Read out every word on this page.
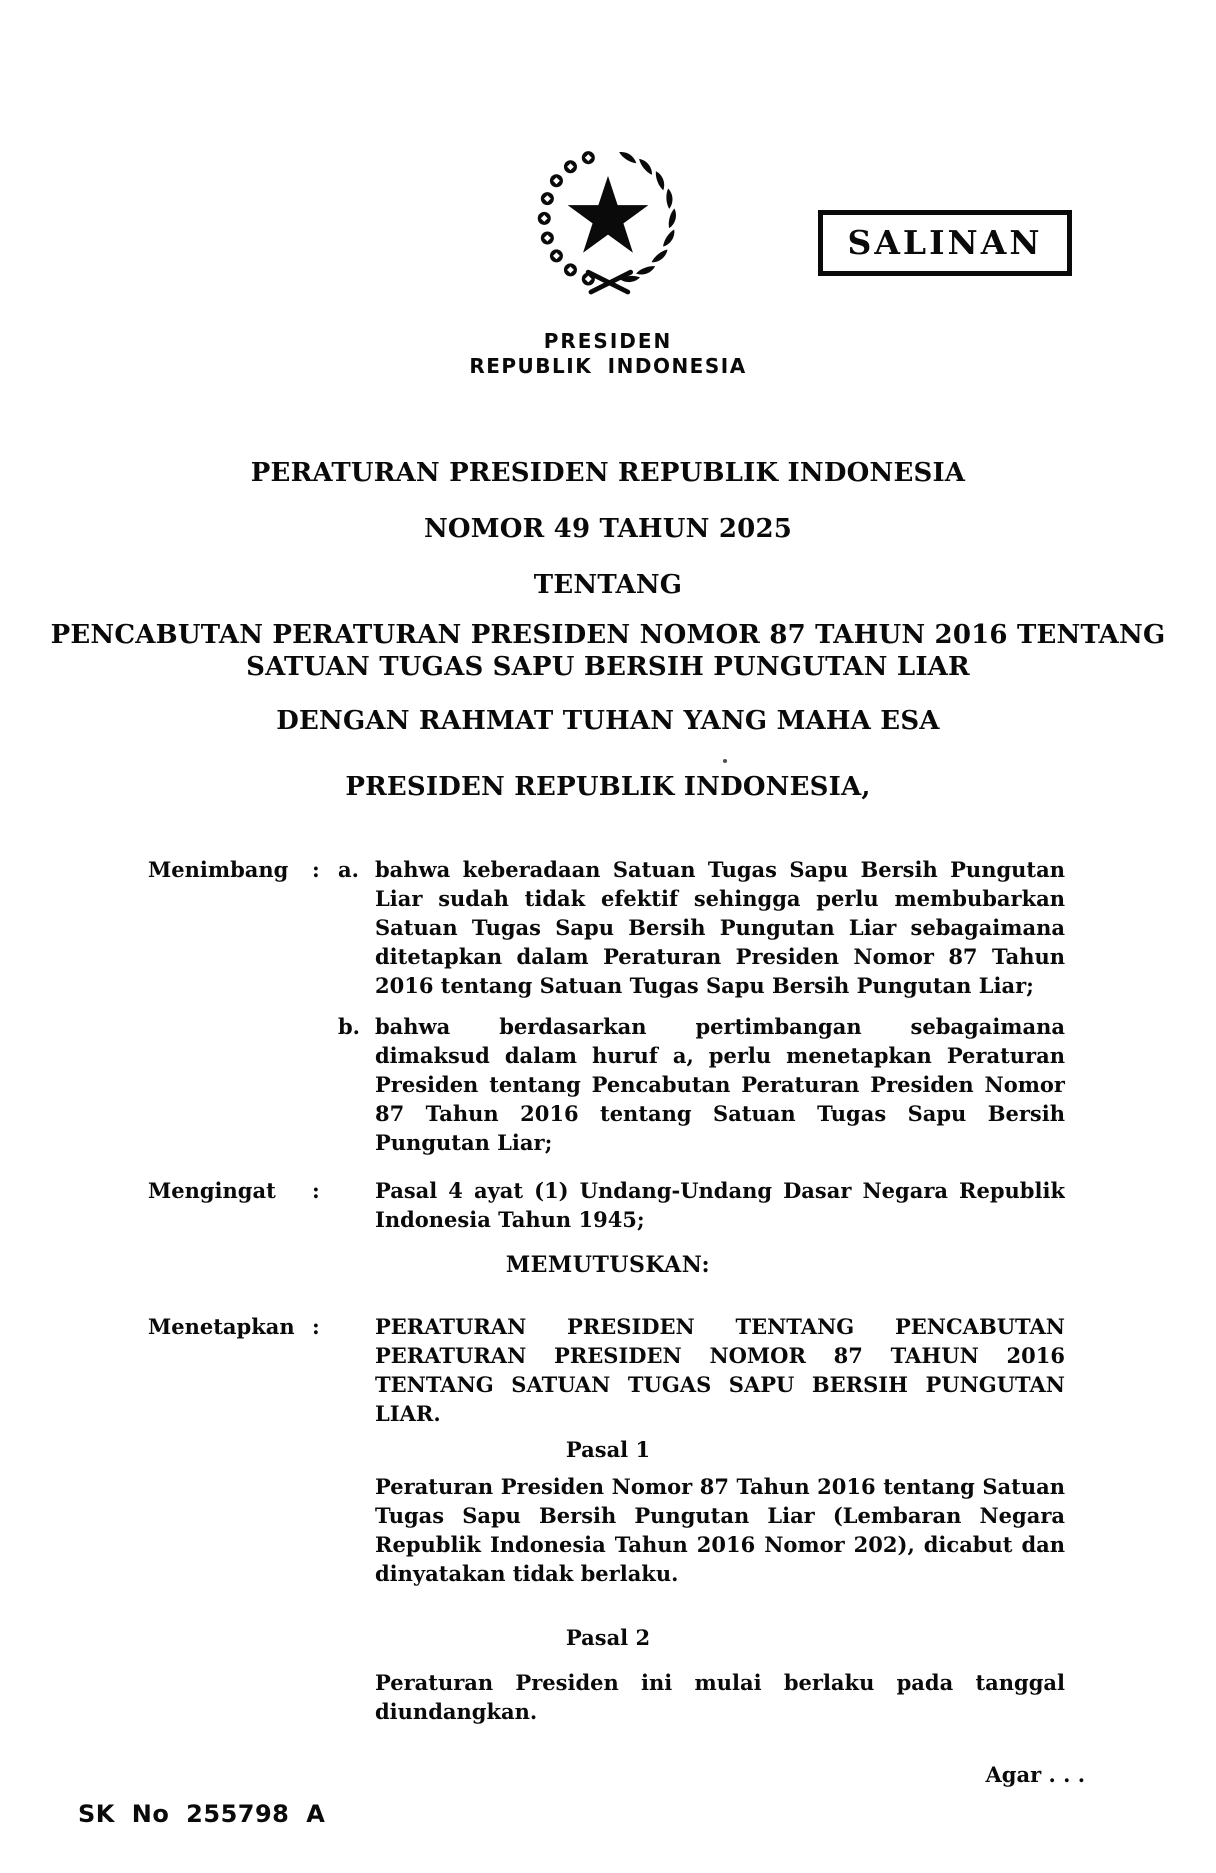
SALINAN
PRESIDEN
REPUBLIK INDONESIA
PERATURAN PRESIDEN REPUBLIK INDONESIA
NOMOR 49 TAHUN 2025
TENTANG
PENCABUTAN PERATURAN PRESIDEN NOMOR 87 TAHUN 2016 TENTANG
SATUAN TUGAS SAPU BERSIH PUNGUTAN LIAR
DENGAN RAHMAT TUHAN YANG MAHA ESA
PRESIDEN REPUBLIK INDONESIA,
Menimbang : a. bahwa keberadaan Satuan Tugas Sapu Bersih Pungutan
Liar sudah tidak efektif sehingga perlu membubarkan
Satuan Tugas Sapu Bersih Pungutan Liar sebagaimana
ditetapkan dalam Peraturan Presiden Nomor 87 Tahun
2016 tentang Satuan Tugas Sapu Bersih Pungutan Liar;
b. bahwa berdasarkan pertimbangan sebagaimana
dimaksud dalam huruf a, perlu menetapkan Peraturan
Presiden tentang Pencabutan Peraturan Presiden Nomor
87 Tahun 2016 tentang Satuan Tugas Sapu Bersih
Pungutan Liar;
Mengingat :	Pasal 4 ayat (1) Undang-Undang Dasar Negara Republik
Indonesia Tahun 1945;
MEMUTUSKAN:
Menetapkan :	PERATURAN PRESIDEN TENTANG PENCABUTAN
PERATURAN PRESIDEN NOMOR 87 TAHUN 2016
TENTANG SATUAN TUGAS SAPU BERSIH PUNGUTAN
LIAR.
Pasal 1
Peraturan Presiden Nomor 87 Tahun 2016 tentang Satuan
Tugas Sapu Bersih Pungutan Liar (Lembaran Negara
Republik Indonesia Tahun 2016 Nomor 202), dicabut dan
dinyatakan tidak berlaku.
Pasal 2
Peraturan Presiden ini mulai berlaku pada tanggal
diundangkan.
Agar . . .
SK No 255798 A
